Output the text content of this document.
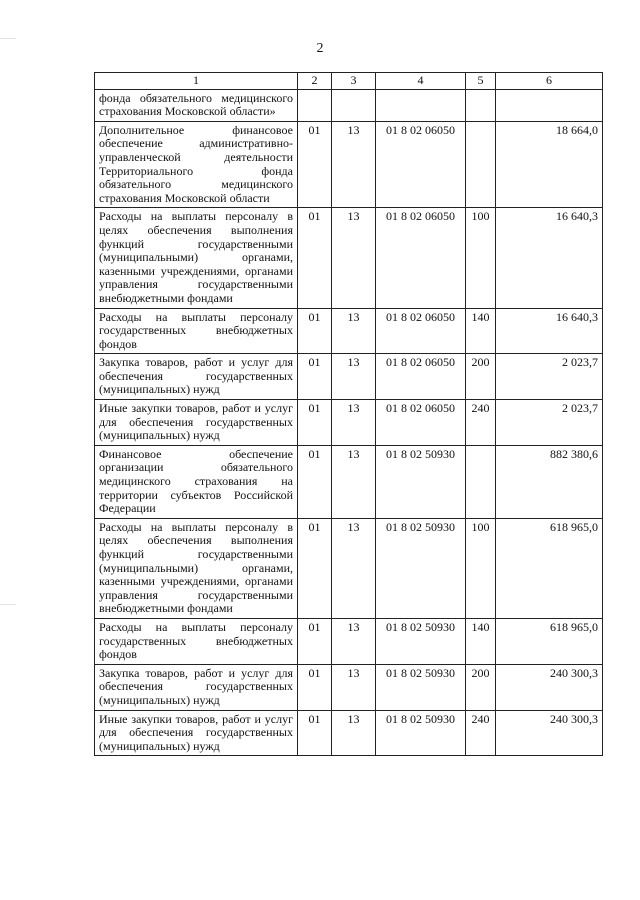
2
1	2	3	4	5	6
фонда обязательного медицинского страхования Московской области»					
Дополнительное финансовое обеспечение административно-управленческой деятельности Территориального фонда обязательного медицинского страхования Московской области	01	13	01 8 02 06050		18 664,0
Расходы на выплаты персоналу в целях обеспечения выполнения функций государственными (муниципальными) органами, казенными учреждениями, органами управления государственными внебюджетными фондами	01	13	01 8 02 06050	100	16 640,3
Расходы на выплаты персоналу государственных внебюджетных фондов	01	13	01 8 02 06050	140	16 640,3
Закупка товаров, работ и услуг для обеспечения государственных (муниципальных) нужд	01	13	01 8 02 06050	200	2 023,7
Иные закупки товаров, работ и услуг для обеспечения государственных (муниципальных) нужд	01	13	01 8 02 06050	240	2 023,7
Финансовое обеспечение организации обязательного медицинского страхования на территории субъектов Российской Федерации	01	13	01 8 02 50930		882 380,6
Расходы на выплаты персоналу в целях обеспечения выполнения функций государственными (муниципальными) органами, казенными учреждениями, органами управления государственными внебюджетными фондами	01	13	01 8 02 50930	100	618 965,0
Расходы на выплаты персоналу государственных внебюджетных фондов	01	13	01 8 02 50930	140	618 965,0
Закупка товаров, работ и услуг для обеспечения государственных (муниципальных) нужд	01	13	01 8 02 50930	200	240 300,3
Иные закупки товаров, работ и услуг для обеспечения государственных (муниципальных) нужд	01	13	01 8 02 50930	240	240 300,3
